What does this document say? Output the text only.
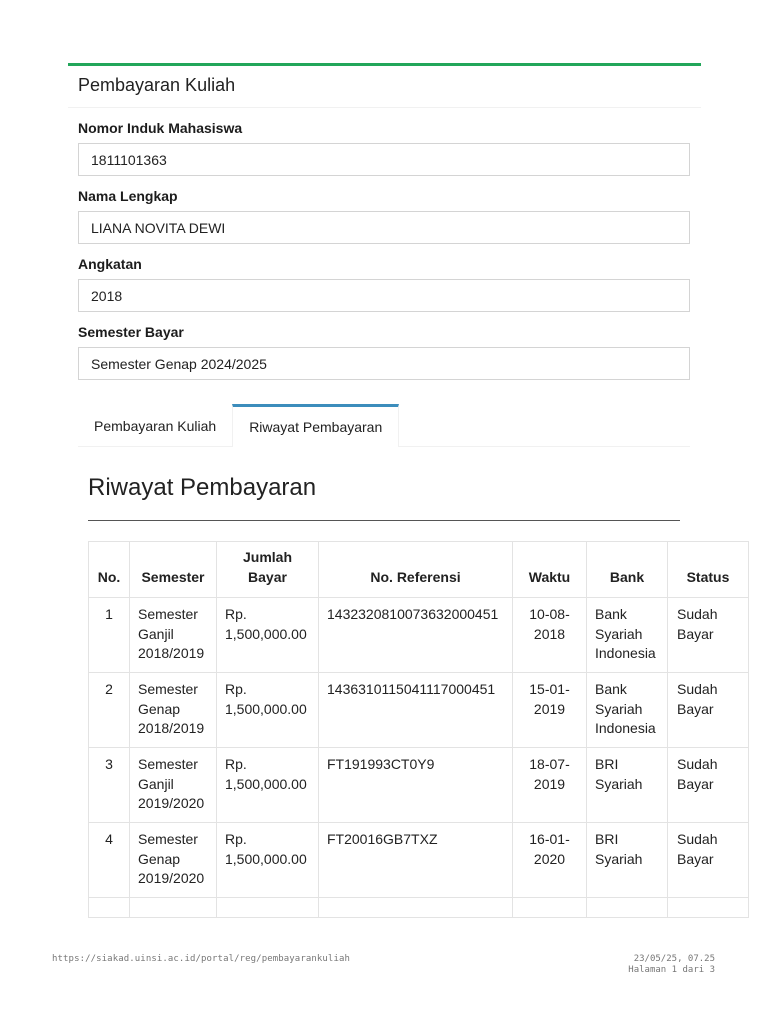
Pembayaran Kuliah
Nomor Induk Mahasiswa
1811101363
Nama Lengkap
LIANA NOVITA DEWI
Angkatan
2018
Semester Bayar
Semester Genap 2024/2025
Pembayaran Kuliah	Riwayat Pembayaran
Riwayat Pembayaran
No.	Semester	Jumlah Bayar	No. Referensi	Waktu	Bank	Status
1	Semester Ganjil 2018/2019	Rp. 1,500,000.00	143232081007363200045​1	10-08-2018	Bank Syariah Indonesia	Sudah Bayar
2	Semester Genap 2018/2019	Rp. 1,500,000.00	143631011504111700045​1	15-01-2019	Bank Syariah Indonesia	Sudah Bayar
3	Semester Ganjil 2019/2020	Rp. 1,500,000.00	FT191993CT0Y9	18-07-2019	BRI Syariah	Sudah Bayar
4	Semester Genap 2019/2020	Rp. 1,500,000.00	FT20016GB7TXZ	16-01-2020	BRI Syariah	Sudah Bayar

https://siakad.uinsi.ac.id/portal/reg/pembayarankuliah	23/05/25, 07.25
Halaman 1 dari 3
